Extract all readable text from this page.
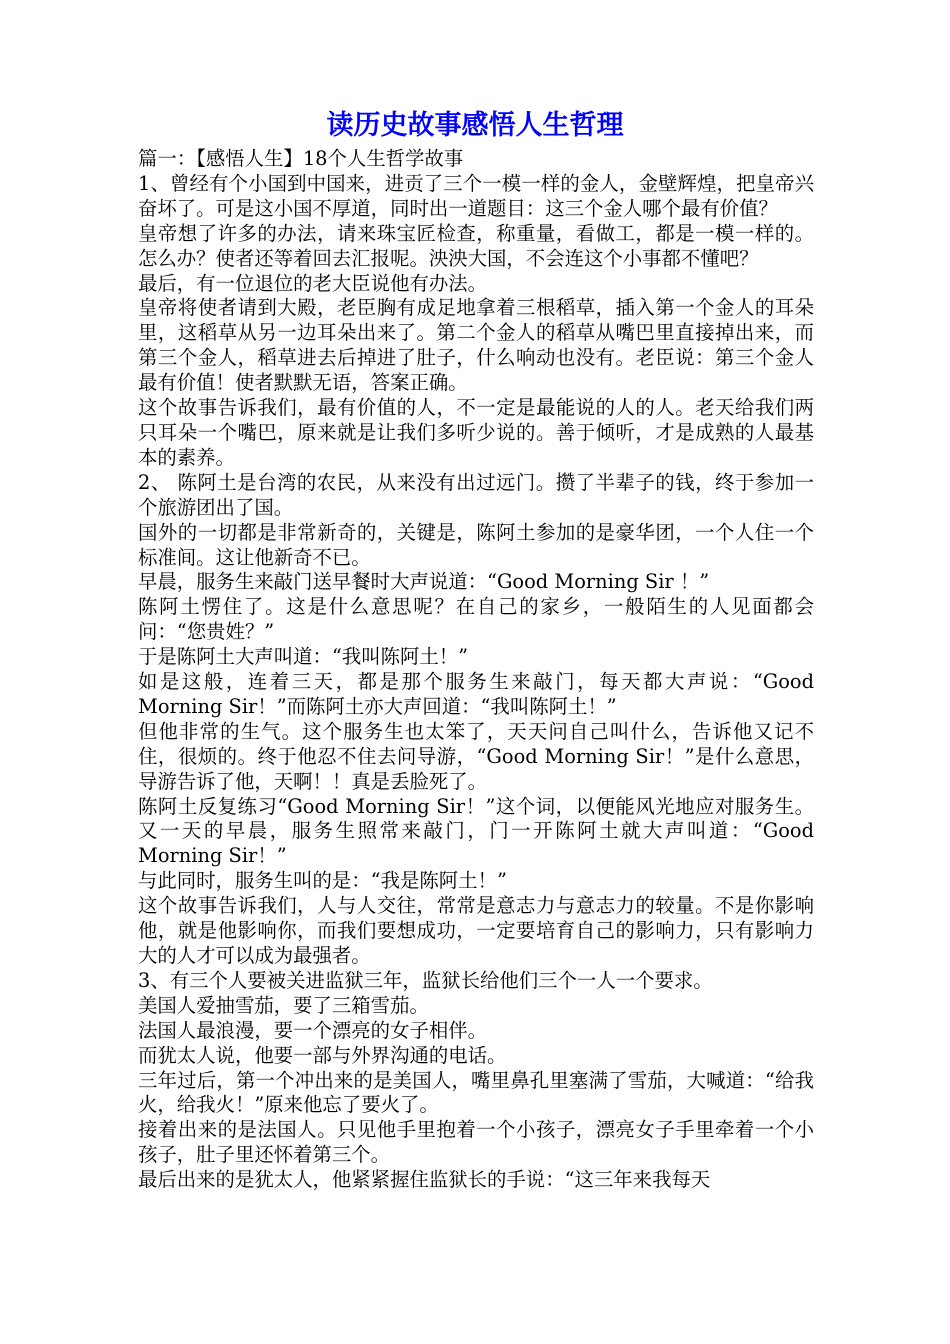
读历史故事感悟人生哲理

篇一：【感悟人生】18个人生哲学故事

1、曾经有个小国到中国来，进贡了三个一模一样的金人，金壁辉煌，把皇帝兴奋坏了。可是这小国不厚道，同时出一道题目：这三个金人哪个最有价值？

皇帝想了许多的办法，请来珠宝匠检查，称重量，看做工，都是一模一样的。怎么办？使者还等着回去汇报呢。泱泱大国，不会连这个小事都不懂吧？

最后，有一位退位的老大臣说他有办法。

皇帝将使者请到大殿，老臣胸有成足地拿着三根稻草，插入第一个金人的耳朵里，这稻草从另一边耳朵出来了。第二个金人的稻草从嘴巴里直接掉出来，而第三个金人，稻草进去后掉进了肚子，什么响动也没有。老臣说：第三个金人最有价值！使者默默无语，答案正确。

这个故事告诉我们，最有价值的人，不一定是最能说的人的人。老天给我们两只耳朵一个嘴巴，原来就是让我们多听少说的。善于倾听，才是成熟的人最基本的素养。

2、 陈阿土是台湾的农民，从来没有出过远门。攒了半辈子的钱，终于参加一个旅游团出了国。

国外的一切都是非常新奇的，关键是，陈阿土参加的是豪华团，一个人住一个标准间。这让他新奇不已。

早晨，服务生来敲门送早餐时大声说道：“Good Morning Sir ！”

陈阿土愣住了。这是什么意思呢？在自己的家乡，一般陌生的人见面都会问：“您贵姓？”

于是陈阿土大声叫道：“我叫陈阿土！”

如是这般，连着三天，都是那个服务生来敲门，每天都大声说：“Good Morning Sir！”而陈阿土亦大声回道：“我叫陈阿土！”

但他非常的生气。这个服务生也太笨了，天天问自己叫什么，告诉他又记不住，很烦的。终于他忍不住去问导游，“Good Morning Sir！”是什么意思，导游告诉了他，天啊！！真是丢脸死了。

陈阿土反复练习“Good Morning Sir！”这个词，以便能风光地应对服务生。 又一天的早晨，服务生照常来敲门，门一开陈阿土就大声叫道：“Good Morning Sir！”

与此同时，服务生叫的是：“我是陈阿土！”

这个故事告诉我们，人与人交往，常常是意志力与意志力的较量。不是你影响他，就是他影响你，而我们要想成功，一定要培育自己的影响力，只有影响力大的人才可以成为最强者。

3、有三个人要被关进监狱三年，监狱长给他们三个一人一个要求。

美国人爱抽雪茄，要了三箱雪茄。

法国人最浪漫，要一个漂亮的女子相伴。

而犹太人说，他要一部与外界沟通的电话。

三年过后，第一个冲出来的是美国人，嘴里鼻孔里塞满了雪茄，大喊道：“给我火，给我火！”原来他忘了要火了。

接着出来的是法国人。只见他手里抱着一个小孩子，漂亮女子手里牵着一个小孩子，肚子里还怀着第三个。

最后出来的是犹太人，他紧紧握住监狱长的手说：“这三年来我每天
